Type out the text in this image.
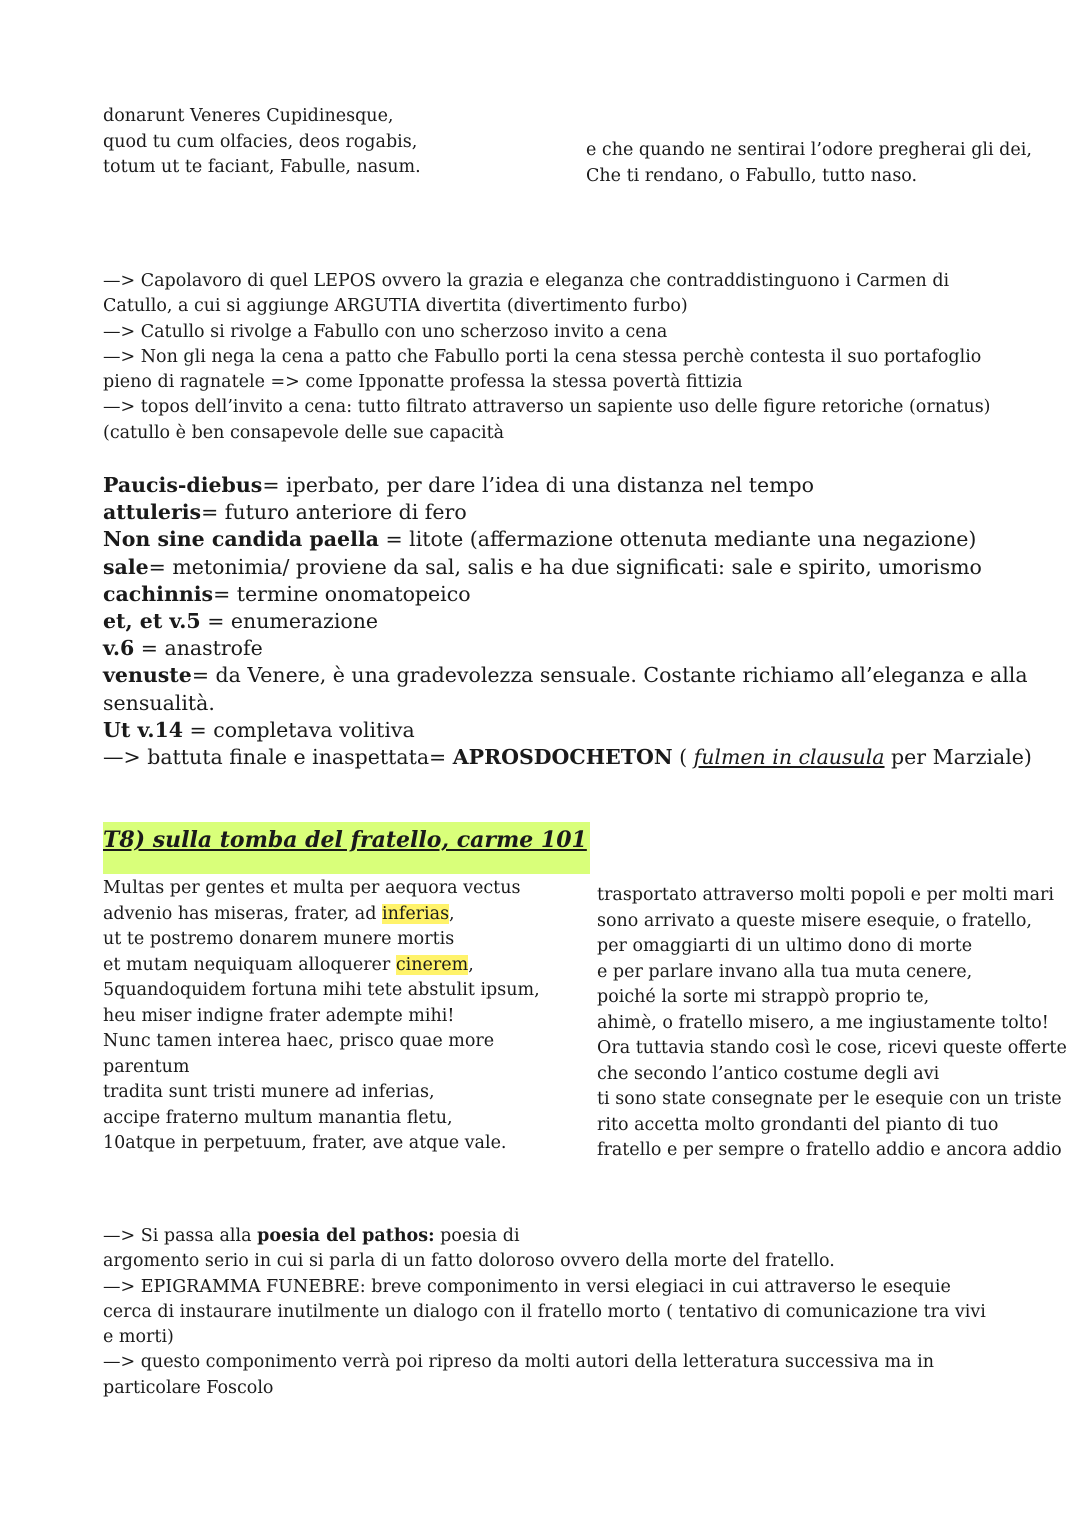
donarunt Veneres Cupidinesque,
quod tu cum olfacies, deos rogabis,
totum ut te faciant, Fabulle, nasum.
e che quando ne sentirai l’odore pregherai gli dei,
Che ti rendano, o Fabullo, tutto naso.
—> Capolavoro di quel LEPOS ovvero la grazia e eleganza che contraddistinguono i Carmen di
Catullo, a cui si aggiunge ARGUTIA divertita (divertimento furbo)
—> Catullo si rivolge a Fabullo con uno scherzoso invito a cena
—> Non gli nega la cena a patto che Fabullo porti la cena stessa perchè contesta il suo portafoglio
pieno di ragnatele => come Ipponatte professa la stessa povertà fittizia
—> topos dell’invito a cena: tutto filtrato attraverso un sapiente uso delle figure retoriche (ornatus)
(catullo è ben consapevole delle sue capacità
Paucis-diebus= iperbato, per dare l’idea di una distanza nel tempo
attuleris= futuro anteriore di fero
Non sine candida paella = litote (affermazione ottenuta mediante una negazione)
sale= metonimia/ proviene da sal, salis e ha due significati: sale e spirito, umorismo
cachinnis= termine onomatopeico
et, et v.5 = enumerazione
v.6 = anastrofe
venuste= da Venere, è una gradevolezza sensuale. Costante richiamo all’eleganza e alla
sensualità.
Ut v.14 = completava volitiva
—> battuta finale e inaspettata= APROSDOCHETON ( fulmen in clausula per Marziale)
T8) sulla tomba del fratello, carme 101
Multas per gentes et multa per aequora vectus
advenio has miseras, frater, ad inferias,
ut te postremo donarem munere mortis
et mutam nequiquam alloquerer cinerem,
5quandoquidem fortuna mihi tete abstulit ipsum,
heu miser indigne frater adempte mihi!
Nunc tamen interea haec, prisco quae more
parentum
tradita sunt tristi munere ad inferias,
accipe fraterno multum manantia fletu,
10atque in perpetuum, frater, ave atque vale.
trasportato attraverso molti popoli e per molti mari
sono arrivato a queste misere esequie, o fratello,
per omaggiarti di un ultimo dono di morte
e per parlare invano alla tua muta cenere,
poiché la sorte mi strappò proprio te,
ahimè, o fratello misero, a me ingiustamente tolto!
Ora tuttavia stando così le cose, ricevi queste offerte
che secondo l’antico costume degli avi
ti sono state consegnate per le esequie con un triste
rito accetta molto grondanti del pianto di tuo
fratello e per sempre o fratello addio e ancora addio
—> Si passa alla poesia del pathos: poesia di
argomento serio in cui si parla di un fatto doloroso ovvero della morte del fratello.
—> EPIGRAMMA FUNEBRE: breve componimento in versi elegiaci in cui attraverso le esequie
cerca di instaurare inutilmente un dialogo con il fratello morto ( tentativo di comunicazione tra vivi
e morti)
—> questo componimento verrà poi ripreso da molti autori della letteratura successiva ma in
particolare Foscolo
